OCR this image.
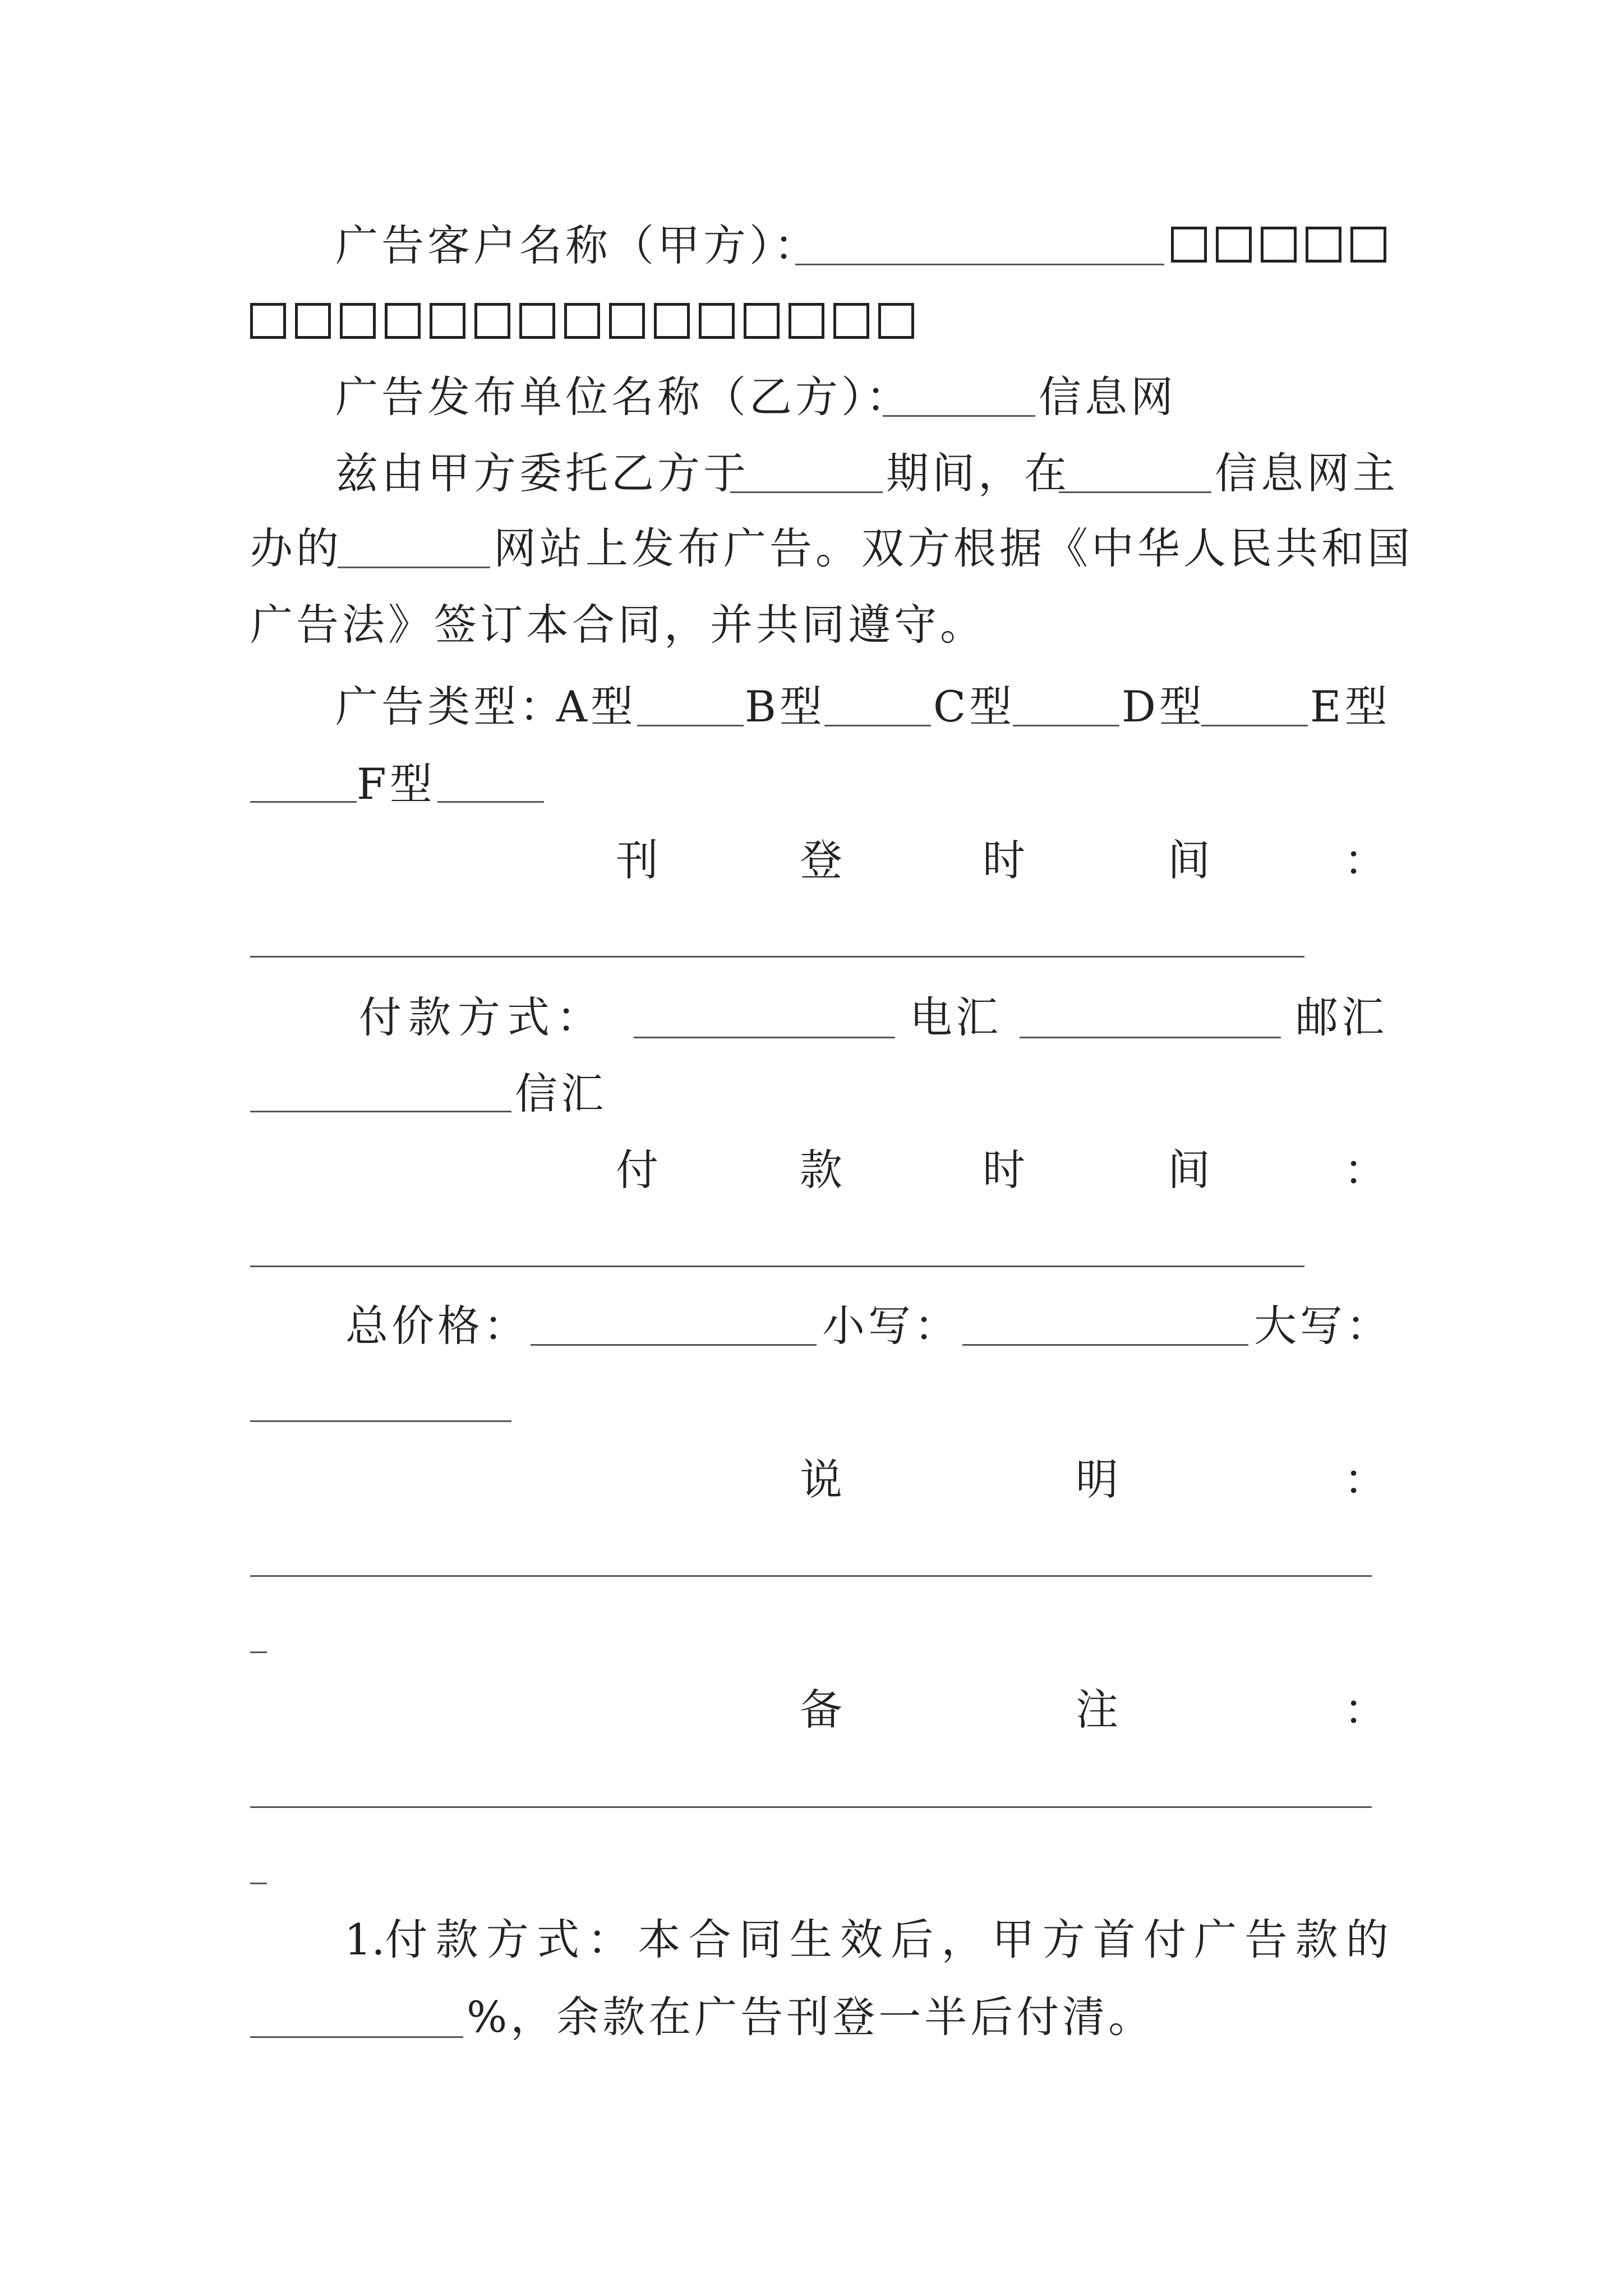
广告客户名称（甲方）：
广告发布单位名称（乙方）：	信息网
兹由甲方委托乙方于	期间，在	信息网主
办的	网站上发布广告。双方根据《中华人民共和国
广告法》签订本合同，并共同遵守。
广告类型：
A型	B型	C型 D型 E型
F型
刊	登	时	间	：
付 款 方 式 ：	电汇	邮 汇
信汇
付	款	时	间	：
总价格：	小写：	大写：
说	明	：
备	注	：
1.付 款 方 式 ： 本 合 同 生 效 后 ， 甲 方 首 付 广 告 款 的
%，余款在广告刊登一半后付清。
